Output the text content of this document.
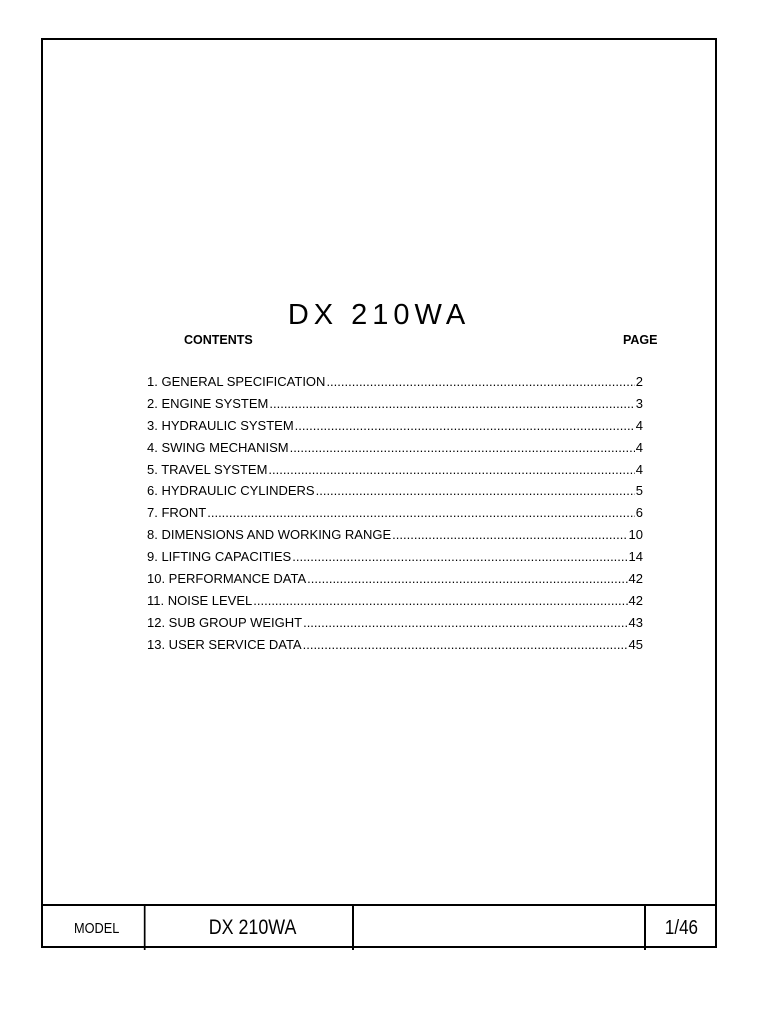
DX 210WA
CONTENTS	PAGE
1. GENERAL SPECIFICATION .....	2
2. ENGINE SYSTEM .....	3
3. HYDRAULIC SYSTEM .....	4
4. SWING MECHANISM .....	4
5. TRAVEL SYSTEM .....	4
6. HYDRAULIC CYLINDERS .....	5
7. FRONT .....	6
8. DIMENSIONS AND WORKING RANGE .....	10
9. LIFTING CAPACITIES .....	14
10. PERFORMANCE DATA .....	42
11. NOISE LEVEL .....	42
12. SUB GROUP WEIGHT .....	43
13. USER SERVICE DATA .....	45
MODEL	DX 210WA	1/46
